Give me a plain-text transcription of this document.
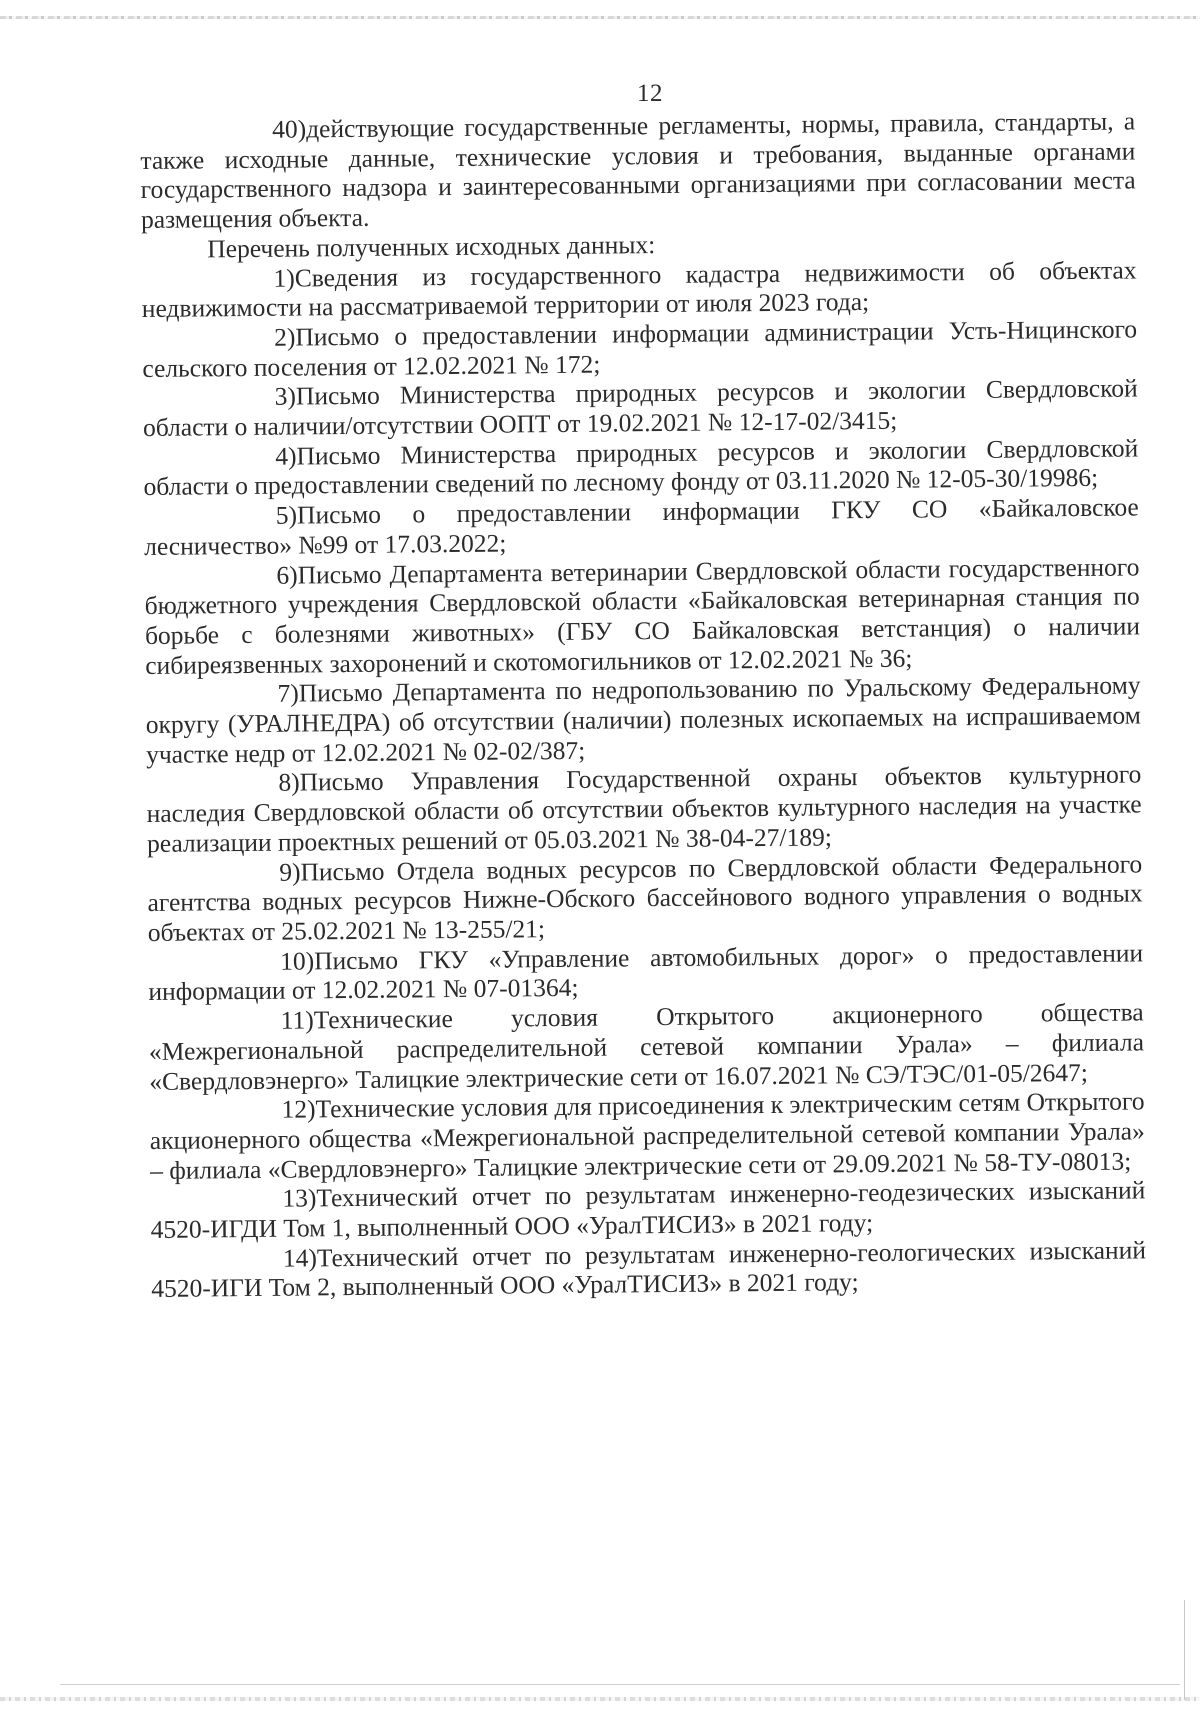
12

40)действующие государственные регламенты, нормы, правила, стандарты, а также исходные данные, технические условия и требования, выданные органами государственного надзора и заинтересованными организациями при согласовании места размещения объекта.

Перечень полученных исходных данных:

1)Сведения из государственного кадастра недвижимости об объектах недвижимости на рассматриваемой территории от июля 2023 года;

2)Письмо о предоставлении информации администрации Усть-Ницинского сельского поселения от 12.02.2021 № 172;

3)Письмо Министерства природных ресурсов и экологии Свердловской области о наличии/отсутствии ООПТ от 19.02.2021 № 12-17-02/3415;

4)Письмо Министерства природных ресурсов и экологии Свердловской области о предоставлении сведений по лесному фонду от 03.11.2020 № 12-05-30/19986;

5)Письмо о предоставлении информации ГКУ СО «Байкаловское лесничество» №99 от 17.03.2022;

6)Письмо Департамента ветеринарии Свердловской области государственного бюджетного учреждения Свердловской области «Байкаловская ветеринарная станция по борьбе с болезнями животных» (ГБУ СО Байкаловская ветстанция) о наличии сибиреязвенных захоронений и скотомогильников от 12.02.2021 № 36;

7)Письмо Департамента по недропользованию по Уральскому Федеральному округу (УРАЛНЕДРА) об отсутствии (наличии) полезных ископаемых на испрашиваемом участке недр от 12.02.2021 № 02-02/387;

8)Письмо Управления Государственной охраны объектов культурного наследия Свердловской области об отсутствии объектов культурного наследия на участке реализации проектных решений от 05.03.2021 № 38-04-27/189;

9)Письмо Отдела водных ресурсов по Свердловской области Федерального агентства водных ресурсов Нижне-Обского бассейнового водного управления о водных объектах от 25.02.2021 № 13-255/21;

10)Письмо ГКУ «Управление автомобильных дорог» о предоставлении информации от 12.02.2021 № 07-01364;

11)Технические условия Открытого акционерного общества «Межрегиональной распределительной сетевой компании Урала» – филиала «Свердловэнерго» Талицкие электрические сети от 16.07.2021 № СЭ/ТЭС/01-05/2647;

12)Технические условия для присоединения к электрическим сетям Открытого акционерного общества «Межрегиональной распределительной сетевой компании Урала» – филиала «Свердловэнерго» Талицкие электрические сети от 29.09.2021 № 58-ТУ-08013;

13)Технический отчет по результатам инженерно-геодезических изысканий 4520-ИГДИ Том 1, выполненный ООО «УралТИСИЗ» в 2021 году;

14)Технический отчет по результатам инженерно-геологических изысканий 4520-ИГИ Том 2, выполненный ООО «УралТИСИЗ» в 2021 году;
